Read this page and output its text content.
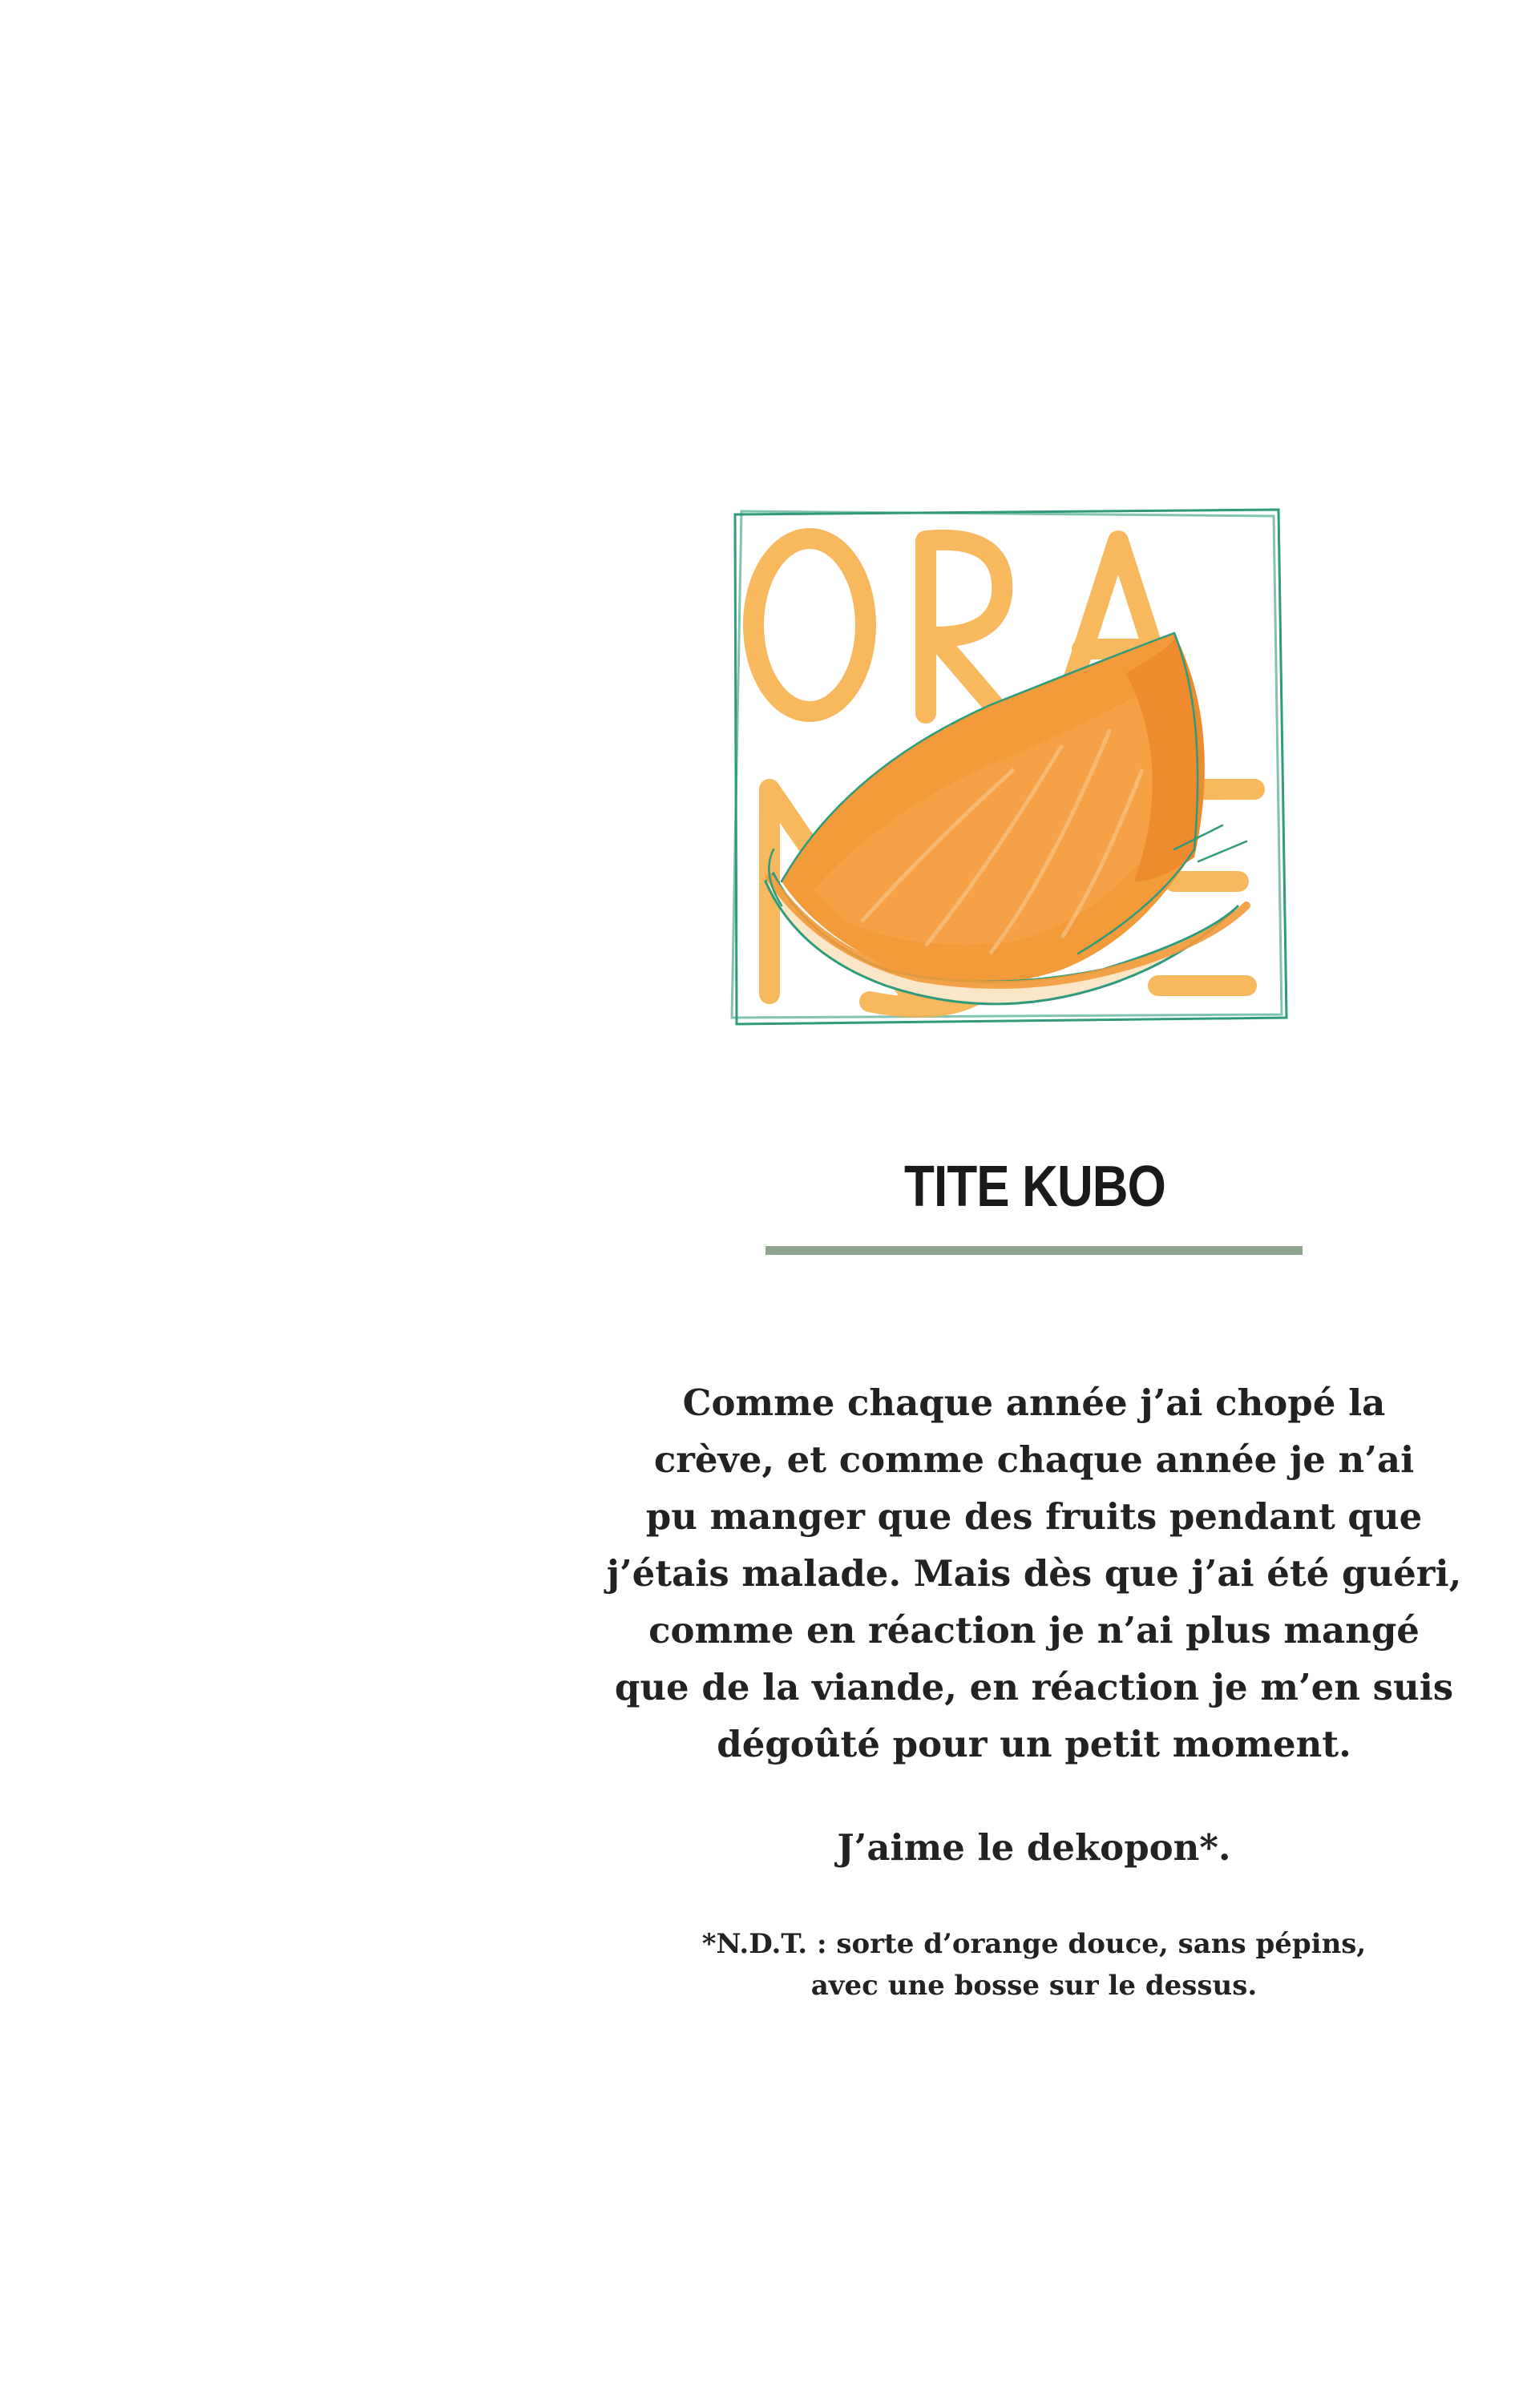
TITE KUBO
Comme chaque année j’ai chopé la
crève, et comme chaque année je n’ai
pu manger que des fruits pendant que
j’étais malade. Mais dès que j’ai été guéri,
comme en réaction je n’ai plus mangé
que de la viande, en réaction je m’en suis
dégoûté pour un petit moment.
J’aime le dekopon*.
*N.D.T. : sorte d’orange douce, sans pépins,
avec une bosse sur le dessus.
